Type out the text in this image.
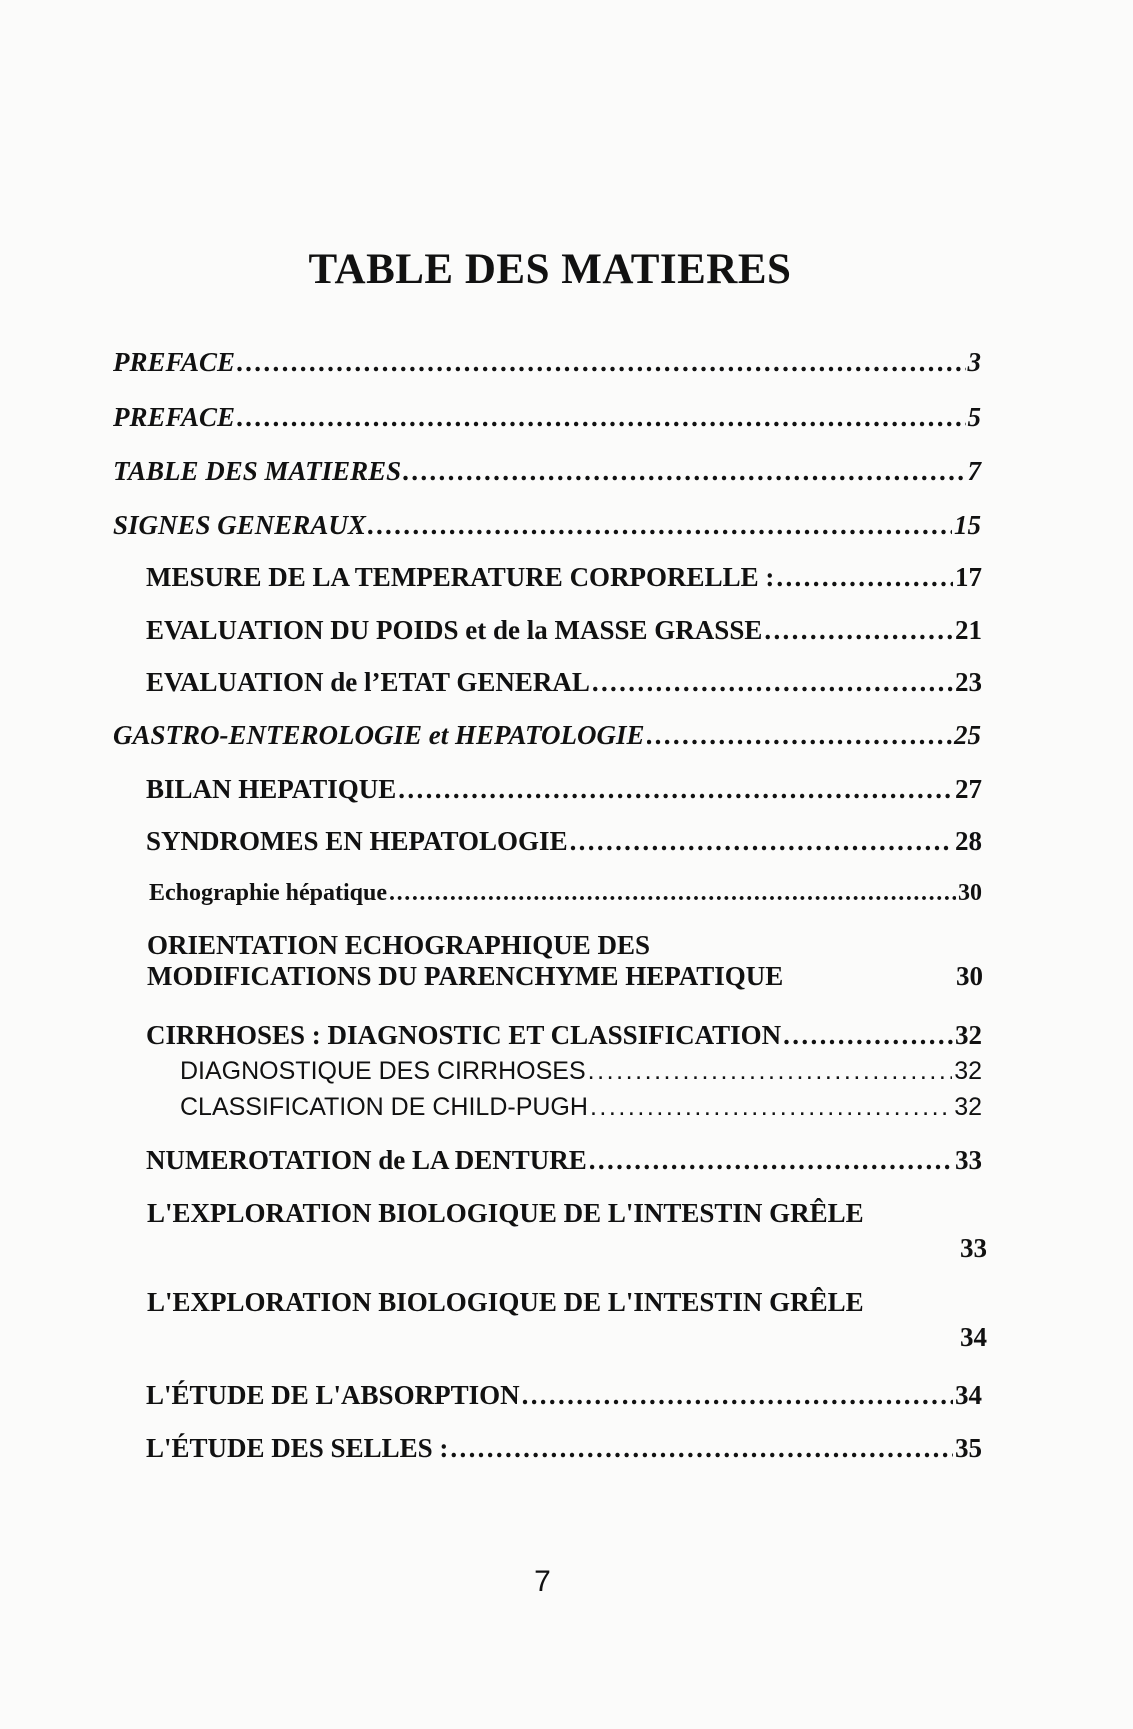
TABLE DES MATIERES
PREFACE . . .	3
PREFACE . . .	5
TABLE DES MATIERES . . .	7
SIGNES GENERAUX . . .	15
MESURE DE LA TEMPERATURE CORPORELLE : . . .	17
EVALUATION DU POIDS et de la MASSE GRASSE . . .	21
EVALUATION de l’ETAT GENERAL . . .	23
GASTRO-ENTEROLOGIE et HEPATOLOGIE . . .	25
BILAN HEPATIQUE . . .	27
SYNDROMES EN HEPATOLOGIE . . .	28
Echographie hépatique . . .	30
ORIENTATION ECHOGRAPHIQUE DES
MODIFICATIONS DU PARENCHYME HEPATIQUE	30
CIRRHOSES : DIAGNOSTIC ET CLASSIFICATION . . .	32
DIAGNOSTIQUE DES CIRRHOSES . . .	32
CLASSIFICATION DE CHILD-PUGH . . .	32
NUMEROTATION de LA DENTURE . . .	33
L'EXPLORATION BIOLOGIQUE DE L'INTESTIN GRÊLE
33
L'EXPLORATION BIOLOGIQUE DE L'INTESTIN GRÊLE
34
L'ÉTUDE DE L'ABSORPTION . . .	34
L'ÉTUDE DES SELLES : . . .	35
7
